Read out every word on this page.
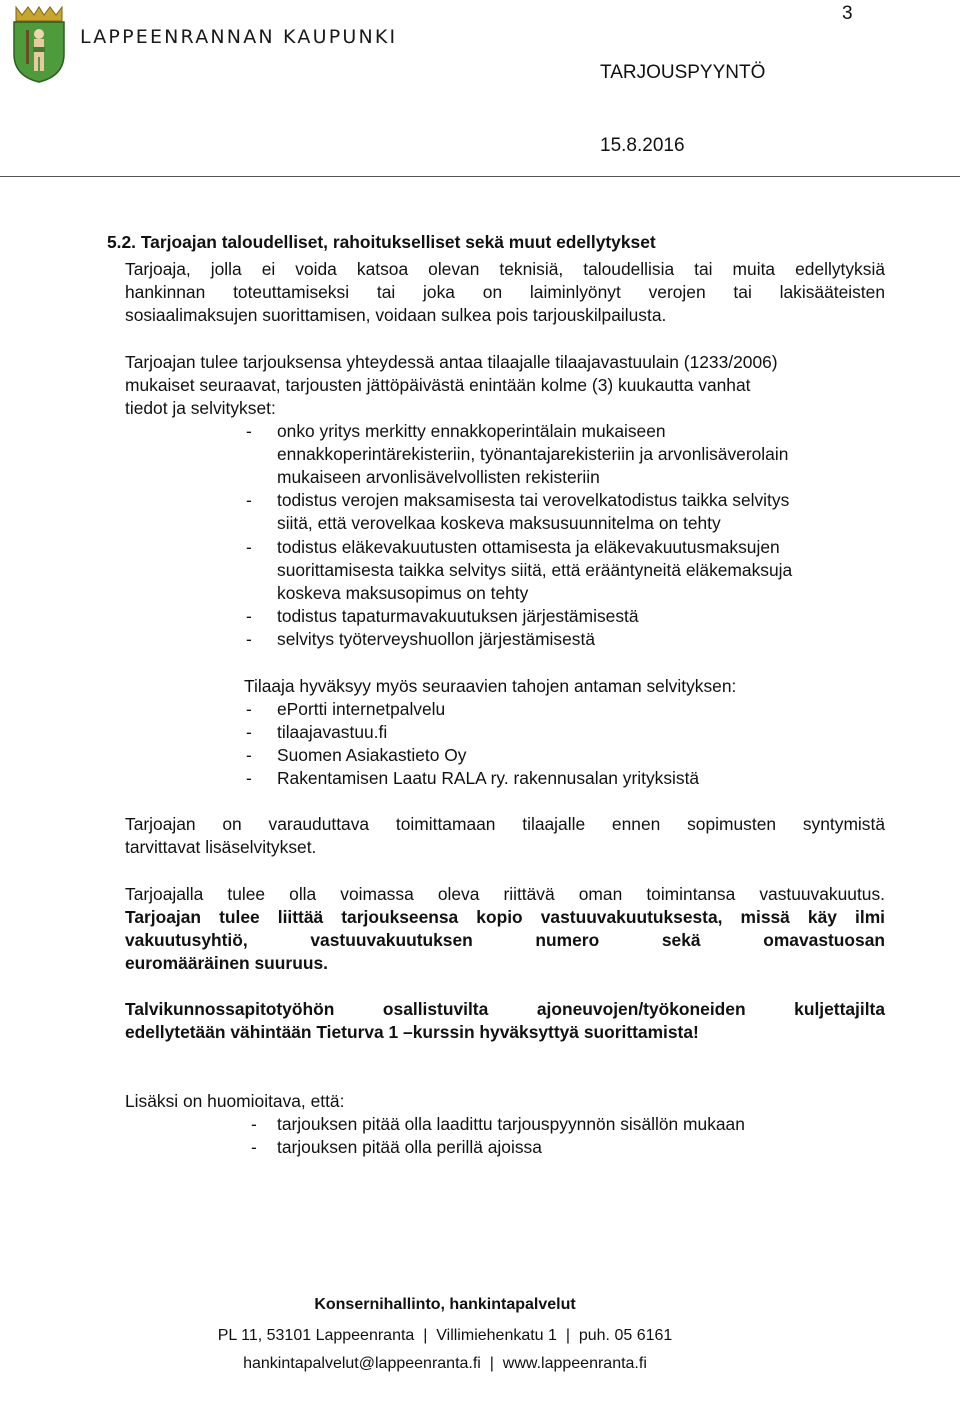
LAPPEENRANNAN KAUPUNKI
3
TARJOUSPYYNTÖ
15.8.2016
5.2. Tarjoajan taloudelliset, rahoitukselliset sekä muut edellytykset
Tarjoaja, jolla ei voida katsoa olevan teknisiä, taloudellisia tai muita edellytyksiä
hankinnan toteuttamiseksi tai joka on laiminlyönyt verojen tai lakisääteisten
sosiaalimaksujen suorittamisen, voidaan sulkea pois tarjouskilpailusta.
Tarjoajan tulee tarjouksensa yhteydessä antaa tilaajalle tilaajavastuulain (1233/2006)
mukaiset seuraavat, tarjousten jättöpäivästä enintään kolme (3) kuukautta vanhat
tiedot ja selvitykset:
- onko yritys merkitty ennakkoperintälain mukaiseen
ennakkoperintärekisteriin, työnantajarekisteriin ja arvonlisäverolain
mukaiseen arvonlisävelvollisten rekisteriin
- todistus verojen maksamisesta tai verovelkatodistus taikka selvitys
siitä, että verovelkaa koskeva maksusuunnitelma on tehty
- todistus eläkevakuutusten ottamisesta ja eläkevakuutusmaksujen
suorittamisesta taikka selvitys siitä, että erääntyneitä eläkemaksuja
koskeva maksusopimus on tehty
- todistus tapaturmavakuutuksen järjestämisestä
- selvitys työterveyshuollon järjestämisestä
Tilaaja hyväksyy myös seuraavien tahojen antaman selvityksen:
- ePortti internetpalvelu
- tilaajavastuu.fi
- Suomen Asiakastieto Oy
- Rakentamisen Laatu RALA ry. rakennusalan yrityksistä
Tarjoajan on varauduttava toimittamaan tilaajalle ennen sopimusten syntymistä
tarvittavat lisäselvitykset.
Tarjoajalla tulee olla voimassa oleva riittävä oman toimintansa vastuuvakuutus.
Tarjoajan tulee liittää tarjoukseensa kopio vastuuvakuutuksesta, missä käy ilmi
vakuutusyhtiö, vastuuvakuutuksen numero sekä omavastuosan
euromääräinen suuruus.
Talvikunnossapitotyöhön osallistuvilta ajoneuvojen/työkoneiden kuljettajilta
edellytetään vähintään Tieturva 1 –kurssin hyväksyttyä suorittamista!
Lisäksi on huomioitava, että:
- tarjouksen pitää olla laadittu tarjouspyynnön sisällön mukaan
- tarjouksen pitää olla perillä ajoissa
Konsernihallinto, hankintapalvelut
PL 11, 53101 Lappeenranta  |  Villimiehenkatu 1  |  puh. 05 6161
hankintapalvelut@lappeenranta.fi  |  www.lappeenranta.fi
